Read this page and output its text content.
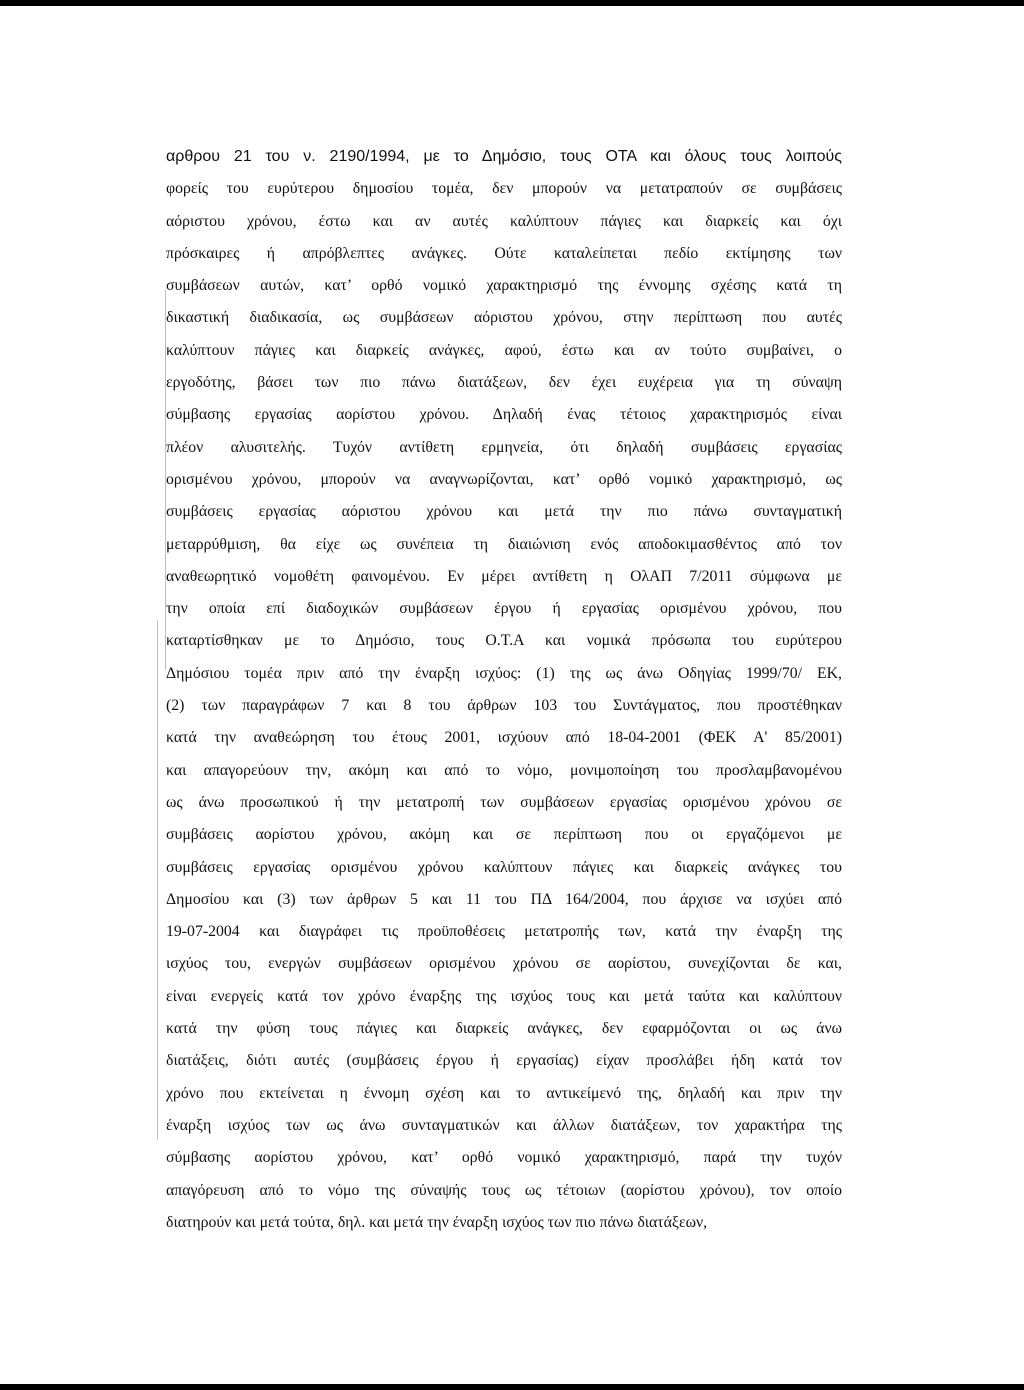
αρθρου 21 του ν. 2190/1994, με το Δημόσιο, τους ΟΤΑ και όλους τους λοιπούς
φορείς του ευρύτερου δημοσίου τομέα, δεν μπορούν να μετατραπούν σε συμβάσεις
αόριστου χρόνου, έστω και αν αυτές καλύπτουν πάγιες και διαρκείς και όχι
πρόσκαιρες ή απρόβλεπτες ανάγκες. Ούτε καταλείπεται πεδίο εκτίμησης των
συμβάσεων αυτών, κατ’ ορθό νομικό χαρακτηρισμό της έννομης σχέσης κατά τη
δικαστική διαδικασία, ως συμβάσεων αόριστου χρόνου, στην περίπτωση που αυτές
καλύπτουν πάγιες και διαρκείς ανάγκες, αφού, έστω και αν τούτο συμβαίνει, ο
εργοδότης, βάσει των πιο πάνω διατάξεων, δεν έχει ευχέρεια για τη σύναψη
σύμβασης εργασίας αορίστου χρόνου. Δηλαδή ένας τέτοιος χαρακτηρισμός είναι
πλέον αλυσιτελής. Τυχόν αντίθετη ερμηνεία, ότι δηλαδή συμβάσεις εργασίας
ορισμένου χρόνου, μπορούν να αναγνωρίζονται, κατ’ ορθό νομικό χαρακτηρισμό, ως
συμβάσεις εργασίας αόριστου χρόνου και μετά την πιο πάνω συνταγματική
μεταρρύθμιση, θα είχε ως συνέπεια τη διαιώνιση ενός αποδοκιμασθέντος από τον
αναθεωρητικό νομοθέτη φαινομένου. Εν μέρει αντίθετη η ΟλΑΠ 7/2011 σύμφωνα με
την οποία επί διαδοχικών συμβάσεων έργου ή εργασίας ορισμένου χρόνου, που
καταρτίσθηκαν με το Δημόσιο, τους Ο.Τ.Α και νομικά πρόσωπα του ευρύτερου
Δημόσιου τομέα πριν από την έναρξη ισχύος: (1) της ως άνω Οδηγίας 1999/70/ ΕΚ,
(2) των παραγράφων 7 και 8 του άρθρων 103 του Συντάγματος, που προστέθηκαν
κατά την αναθεώρηση του έτους 2001, ισχύουν από 18-04-2001 (ΦΕΚ Α' 85/2001)
και απαγορεύουν την, ακόμη και από το νόμο, μονιμοποίηση του προσλαμβανομένου
ως άνω προσωπικού ή την μετατροπή των συμβάσεων εργασίας ορισμένου χρόνου σε
συμβάσεις αορίστου χρόνου, ακόμη και σε περίπτωση που οι εργαζόμενοι με
συμβάσεις εργασίας ορισμένου χρόνου καλύπτουν πάγιες και διαρκείς ανάγκες του
Δημοσίου και (3) των άρθρων 5 και 11 του ΠΔ 164/2004, που άρχισε να ισχύει από
19-07-2004 και διαγράφει τις προϋποθέσεις μετατροπής των, κατά την έναρξη της
ισχύος του, ενεργών συμβάσεων ορισμένου χρόνου σε αορίστου, συνεχίζονται δε και,
είναι ενεργείς κατά τον χρόνο έναρξης της ισχύος τους και μετά ταύτα και καλύπτουν
κατά την φύση τους πάγιες και διαρκείς ανάγκες, δεν εφαρμόζονται οι ως άνω
διατάξεις, διότι αυτές (συμβάσεις έργου ή εργασίας) είχαν προσλάβει ήδη κατά τον
χρόνο που εκτείνεται η έννομη σχέση και το αντικείμενό της, δηλαδή και πριν την
έναρξη ισχύος των ως άνω συνταγματικών και άλλων διατάξεων, τον χαρακτήρα της
σύμβασης αορίστου χρόνου, κατ’ ορθό νομικό χαρακτηρισμό, παρά την τυχόν
απαγόρευση από το νόμο της σύναψής τους ως τέτοιων (αορίστου χρόνου), τον οποίο
διατηρούν και μετά τούτα, δηλ. και μετά την έναρξη ισχύος των πιο πάνω διατάξεων,
